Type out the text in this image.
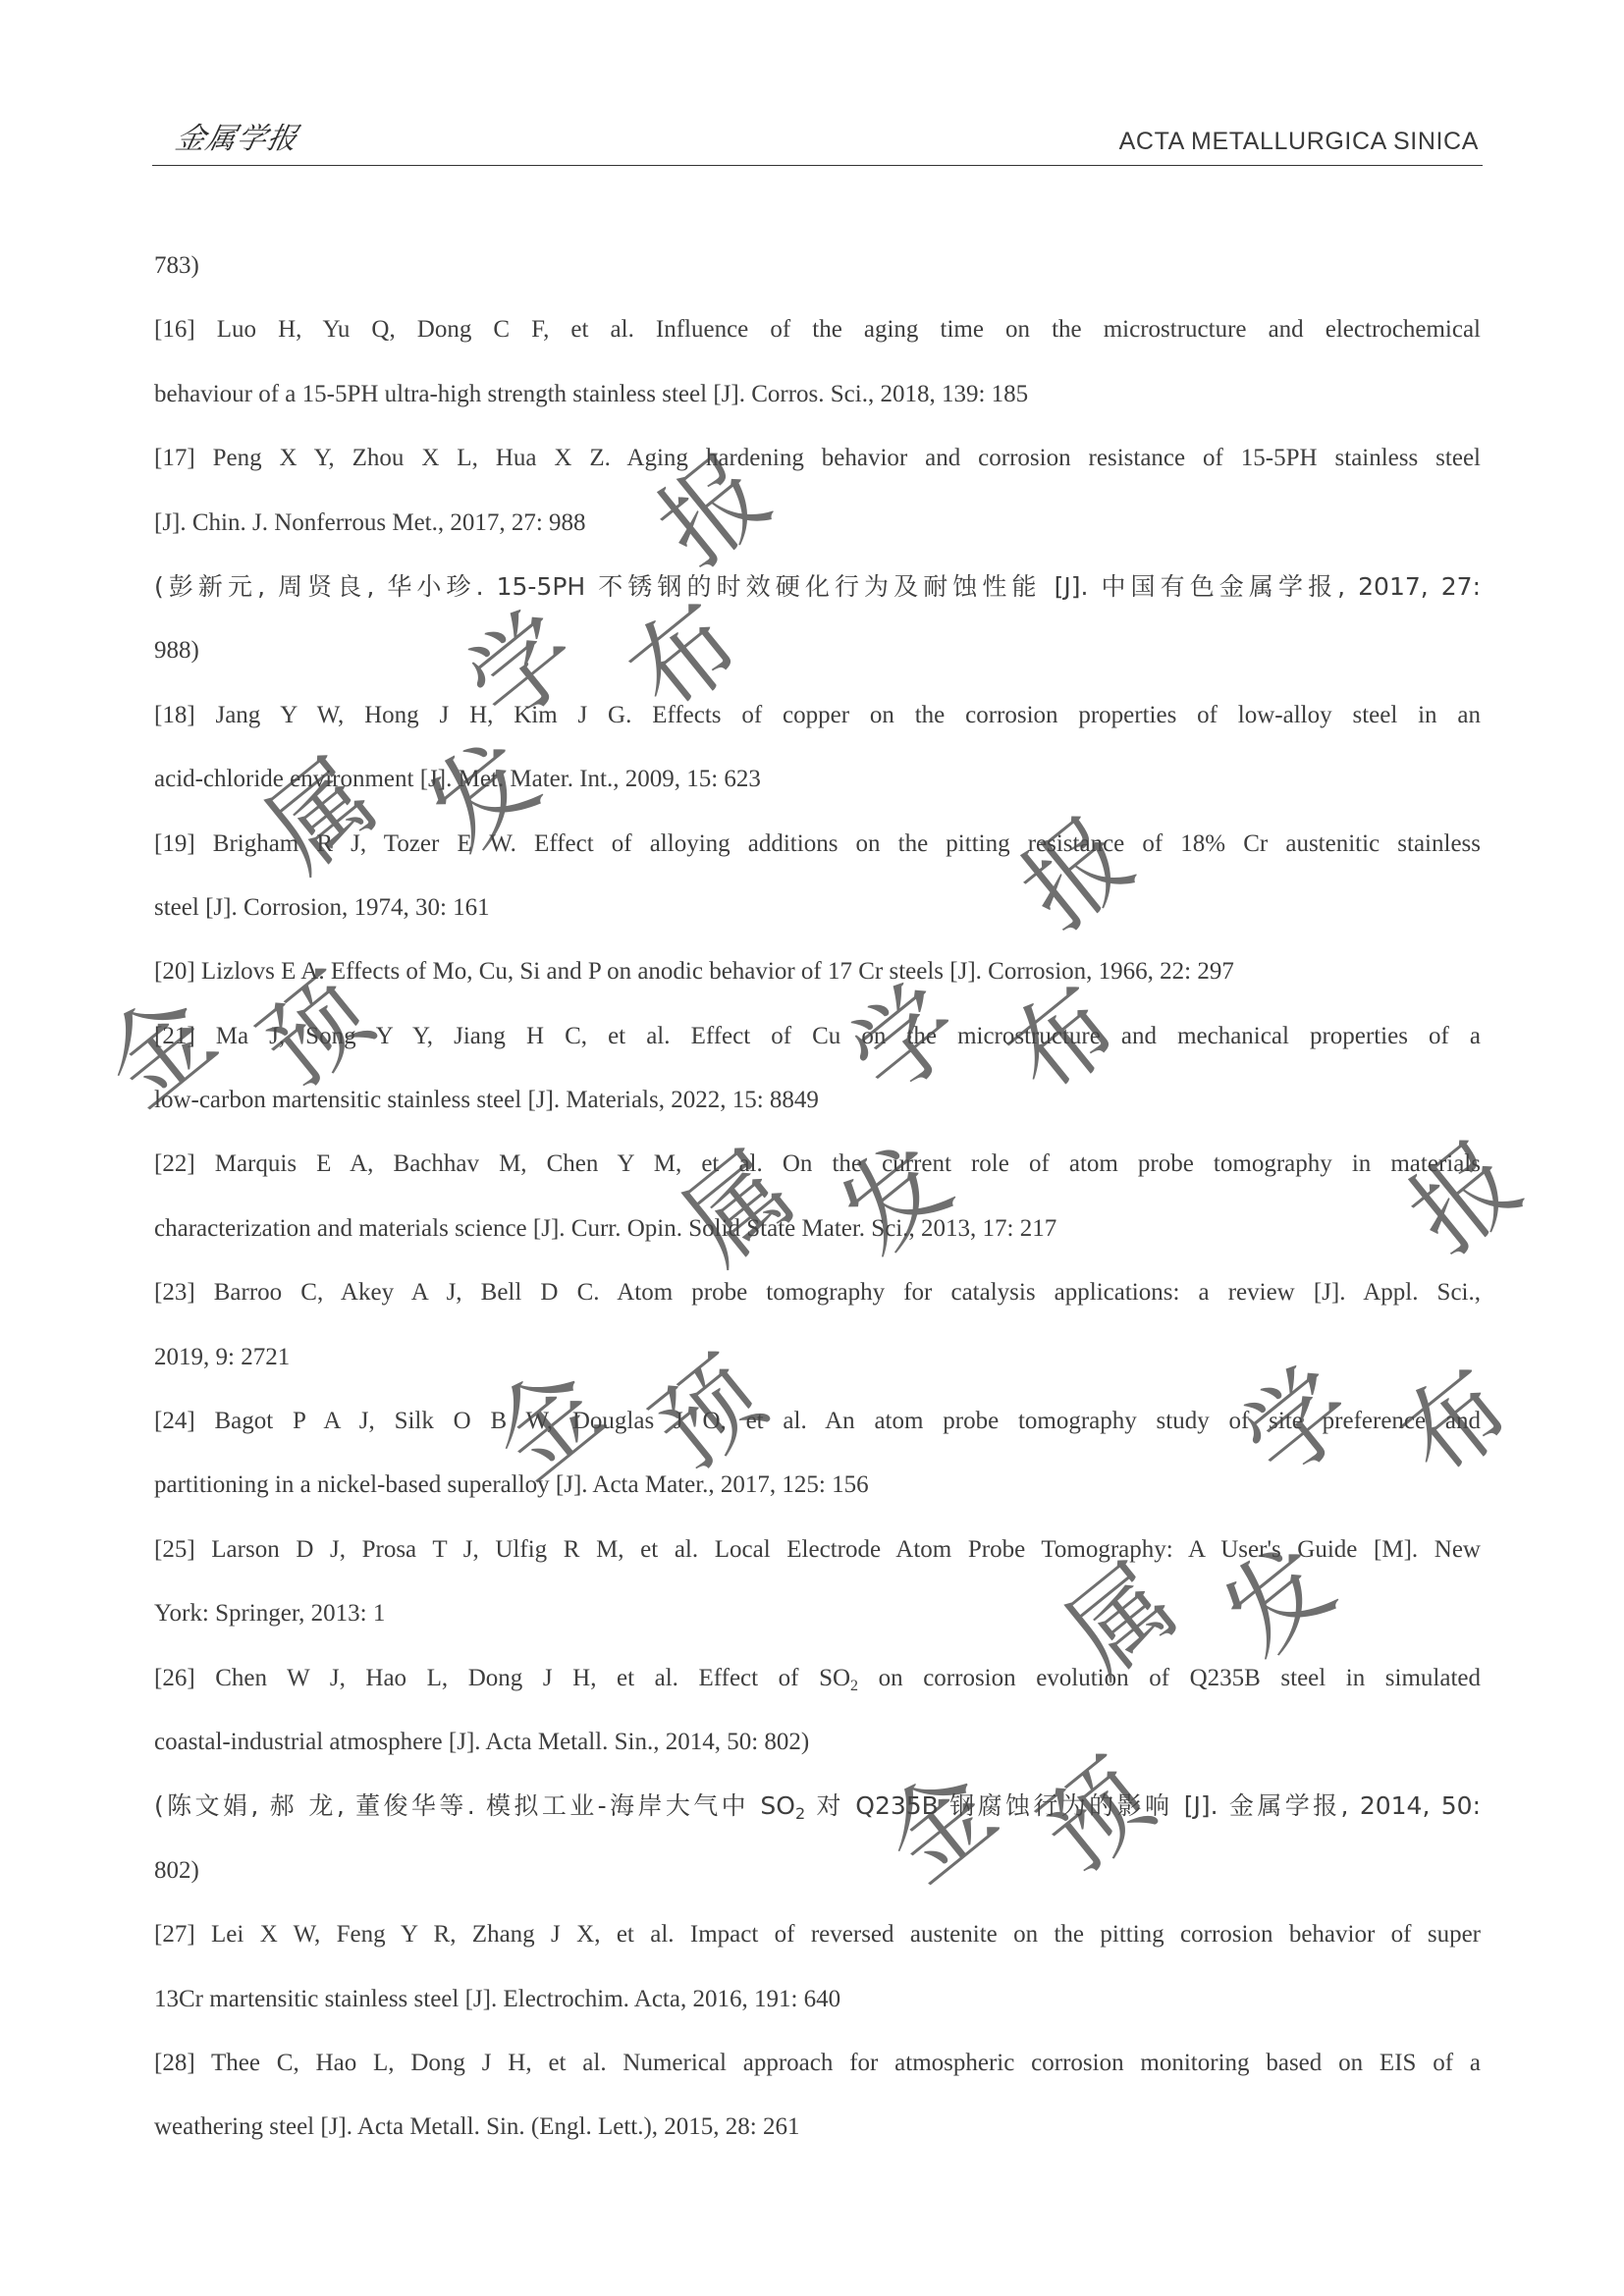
金属学报	ACTA METALLURGICA SINICA
783)
[16] Luo H, Yu Q, Dong C F, et al. Influence of the aging time on the microstructure and electrochemical
behaviour of a 15-5PH ultra-high strength stainless steel [J]. Corros. Sci., 2018, 139: 185
[17] Peng X Y, Zhou X L, Hua X Z. Aging hardening behavior and corrosion resistance of 15-5PH stainless steel
[J]. Chin. J. Nonferrous Met., 2017, 27: 988
(彭新元, 周贤良, 华小珍. 15-5PH 不锈钢的时效硬化行为及耐蚀性能 [J]. 中国有色金属学报, 2017, 27:
988)
[18] Jang Y W, Hong J H, Kim J G. Effects of copper on the corrosion properties of low-alloy steel in an
acid-chloride environment [J]. Met. Mater. Int., 2009, 15: 623
[19] Brigham R J, Tozer E W. Effect of alloying additions on the pitting resistance of 18% Cr austenitic stainless
steel [J]. Corrosion, 1974, 30: 161
[20] Lizlovs E A. Effects of Mo, Cu, Si and P on anodic behavior of 17 Cr steels [J]. Corrosion, 1966, 22: 297
[21] Ma J, Song Y Y, Jiang H C, et al. Effect of Cu on the microstructure and mechanical properties of a
low-carbon martensitic stainless steel [J]. Materials, 2022, 15: 8849
[22] Marquis E A, Bachhav M, Chen Y M, et al. On the current role of atom probe tomography in materials
characterization and materials science [J]. Curr. Opin. Solid State Mater. Sci., 2013, 17: 217
[23] Barroo C, Akey A J, Bell D C. Atom probe tomography for catalysis applications: a review [J]. Appl. Sci.,
2019, 9: 2721
[24] Bagot P A J, Silk O B W, Douglas J O, et al. An atom probe tomography study of site preference and
partitioning in a nickel-based superalloy [J]. Acta Mater., 2017, 125: 156
[25] Larson D J, Prosa T J, Ulfig R M, et al. Local Electrode Atom Probe Tomography: A User's Guide [M]. New
York: Springer, 2013: 1
[26] Chen W J, Hao L, Dong J H, et al. Effect of $SO_2$ on corrosion evolution of Q235B steel in simulated
coastal-industrial atmosphere [J]. Acta Metall. Sin., 2014, 50: 802)
(陈文娟, 郝 龙, 董俊华等. 模拟工业-海岸大气中 $SO_2$ 对 Q235B 钢腐蚀行为的影响 [J]. 金属学报, 2014, 50:
802)
[27] Lei X W, Feng Y R, Zhang J X, et al. Impact of reversed austenite on the pitting corrosion behavior of super
13Cr martensitic stainless steel [J]. Electrochim. Acta, 2016, 191: 640
[28] Thee C, Hao L, Dong J H, et al. Numerical approach for atmospheric corrosion monitoring based on EIS of a
weathering steel [J]. Acta Metall. Sin. (Engl. Lett.), 2015, 28: 261
报
学 布
属 发	报
金 预	学 布
属 发	报
金 预	学 布
属 发
金 预
